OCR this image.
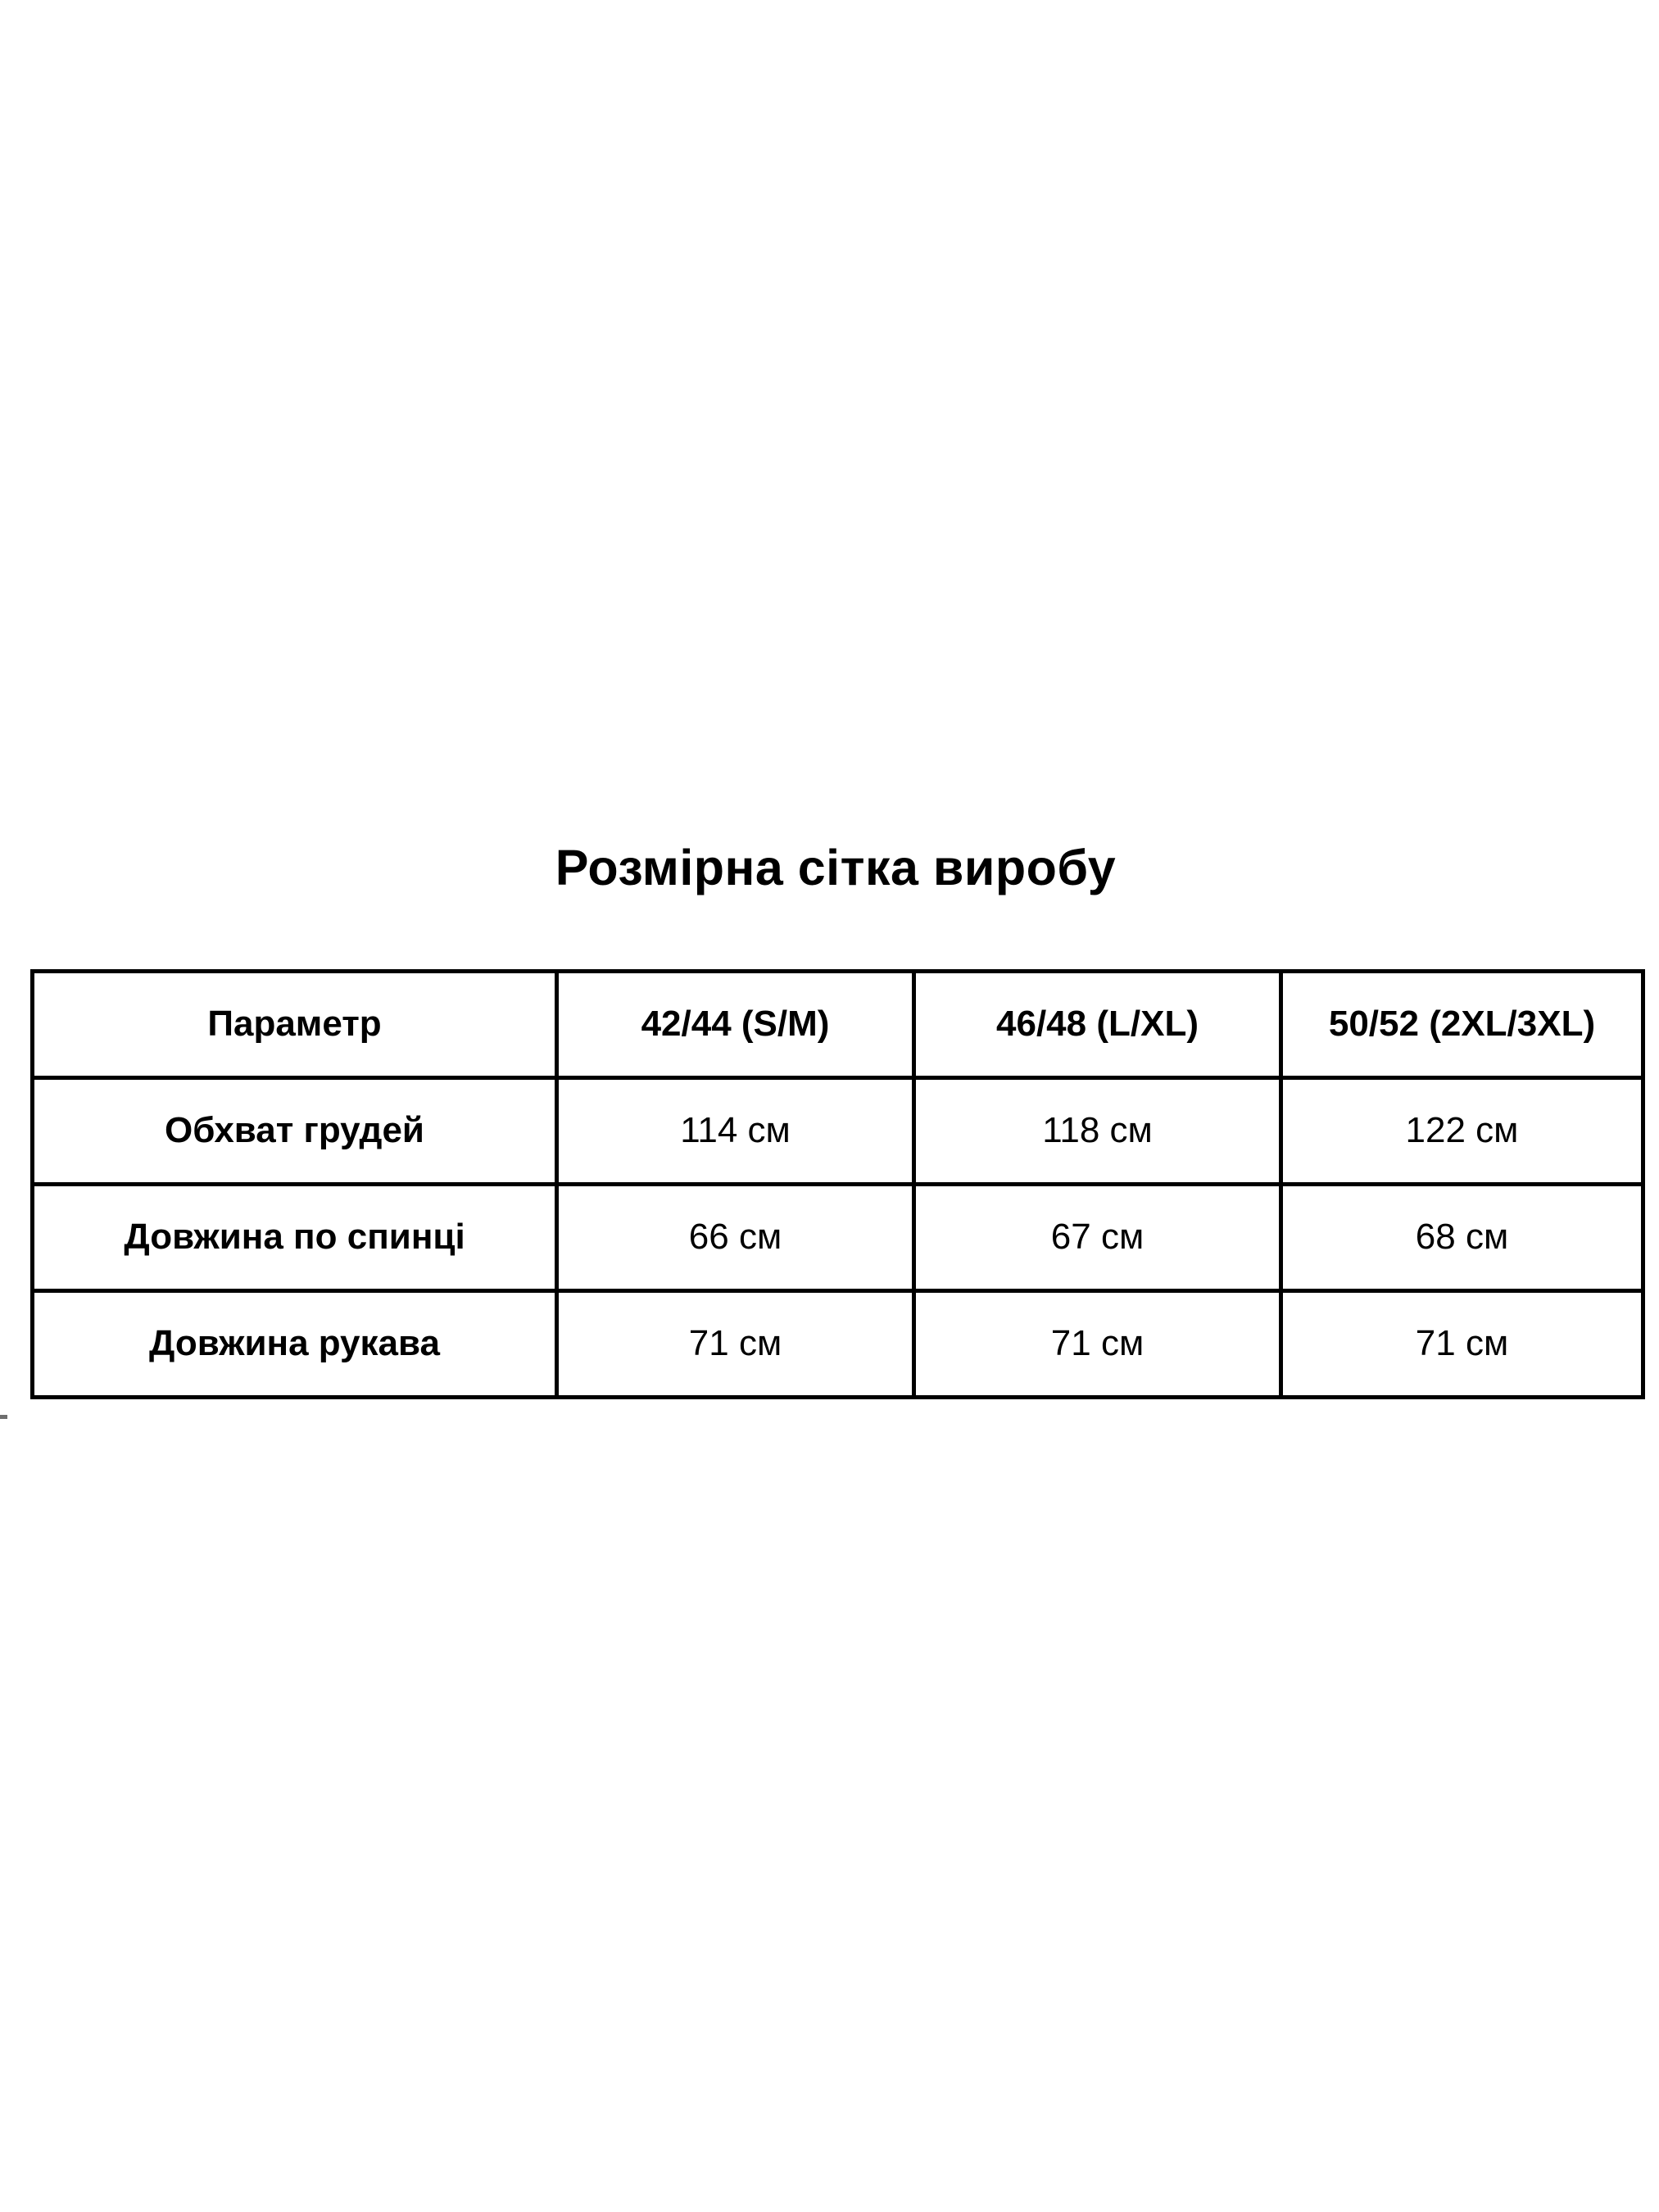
Розмірна сітка виробу
Параметр	42/44 (S/M)	46/48 (L/XL)	50/52 (2XL/3XL)
Обхват грудей	114 см	118 см	122 см
Довжина по спинці	66 см	67 см	68 см
Довжина рукава	71 см	71 см	71 см
